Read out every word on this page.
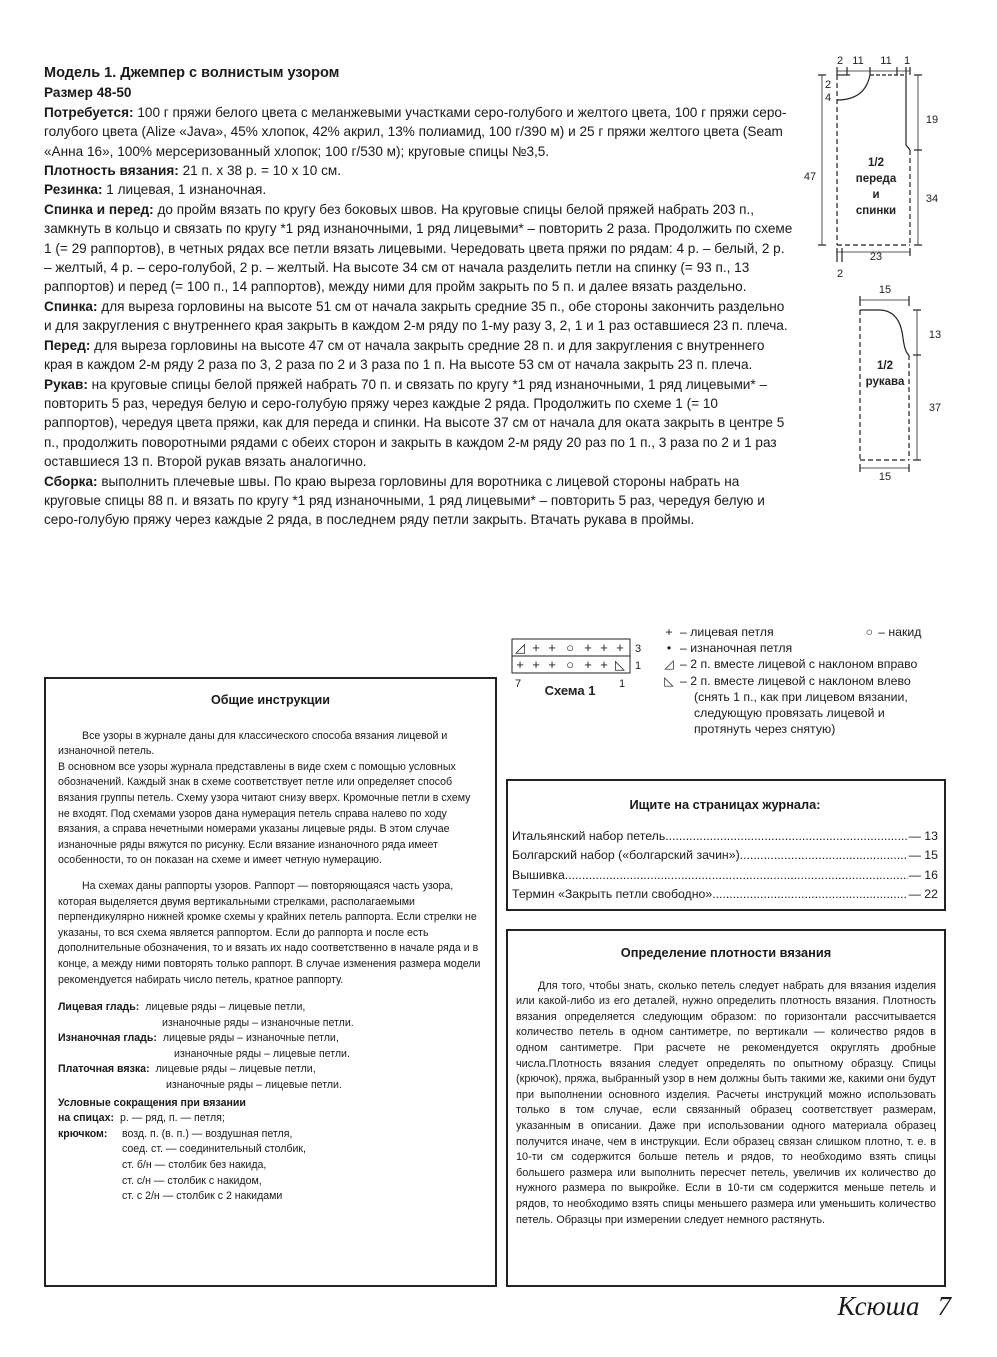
Модель 1. Джемпер с волнистым узором

Размер 48-50

Потребуется: 100 г пряжи белого цвета с меланжевыми участками серо-голубого и желтого цвета, 100 г пряжи серо-голубого цвета (Alize «Java», 45% хлопок, 42% акрил, 13% полиамид, 100 г/390 м) и 25 г пряжи желтого цвета (Seam «Анна 16», 100% мерсеризованный хлопок; 100 г/530 м); круговые спицы №3,5.

Плотность вязания: 21 п. x 38 р. = 10 x 10 см.

Резинка: 1 лицевая, 1 изнаночная.

Спинка и перед: до пройм вязать по кругу без боковых швов. На круговые спицы белой пряжей набрать 203 п., замкнуть в кольцо и связать по кругу *1 ряд изнаночными, 1 ряд лицевыми* – повторить 2 раза. Продолжить по схеме 1 (= 29 раппортов), в четных рядах все петли вязать лицевыми. Чередовать цвета пряжи по рядам: 4 р. – белый, 2 р. – желтый, 4 р. – серо-голубой, 2 р. – желтый. На высоте 34 см от начала разделить петли на спинку (= 93 п., 13 раппортов) и перед (= 100 п., 14 раппортов), между ними для пройм закрыть по 5 п. и далее вязать раздельно.

Спинка: для выреза горловины на высоте 51 см от начала закрыть средние 35 п., обе стороны закончить раздельно и для закругления с внутреннего края закрыть в каждом 2-м ряду по 1-му разу 3, 2, 1 и 1 раз оставшиеся 23 п. плеча.

Перед: для выреза горловины на высоте 47 см от начала закрыть средние 28 п. и для закругления с внутреннего края в каждом 2-м ряду 2 раза по 3, 2 раза по 2 и 3 раза по 1 п. На высоте 53 см от начала закрыть 23 п. плеча.

Рукав: на круговые спицы белой пряжей набрать 70 п. и связать по кругу *1 ряд изнаночными, 1 ряд лицевыми* – повторить 5 раз, чередуя белую и серо-голубую пряжу через каждые 2 ряда. Продолжить по схеме 1 (= 10 раппортов), чередуя цвета пряжи, как для переда и спинки. На высоте 37 см от начала для оката закрыть в центре 5 п., продолжить поворотными рядами с обеих сторон и закрыть в каждом 2-м ряду 20 раз по 1 п., 3 раза по 2 и 1 раз оставшиеся 13 п. Второй рукав вязать аналогично.

Сборка: выполнить плечевые швы. По краю выреза горловины для воротника с лицевой стороны набрать на круговые спицы 88 п. и вязать по кругу *1 ряд изнаночными, 1 ряд лицевыми* – повторить 5 раз, чередуя белую и серо-голубую пряжу через каждые 2 ряда, в последнем ряду петли закрыть. Втачать рукава в проймы.

2 11 11 1
2
4
19
34
47
23
2
1/2
переда
и
спинки
15
13
37
15
1/2
рукава
◿ + + ○ + + +
+ + + ○ + + ◺
3
1
7	1
Схема 1
+ – лицевая петля	○ – накид
• – изнаночная петля
◿ – 2 п. вместе лицевой с наклоном вправо
◺ – 2 п. вместе лицевой с наклоном влево
(снять 1 п., как при лицевом вязании,
следующую провязать лицевой и
протянуть через снятую)
Общие инструкции

Все узоры в журнале даны для классического способа вязания лицевой и изнаночной петель.

В основном все узоры журнала представлены в виде схем с помощью условных обозначений. Каждый знак в схеме соответствует петле или определяет способ вязания группы петель. Схему узора читают снизу вверх. Кромочные петли в схему не входят. Под схемами узоров дана нумерация петель справа налево по ходу вязания, а справа нечетными номерами указаны лицевые ряды. В этом случае изнаночные ряды вяжутся по рисунку. Если вязание изнаночного ряда имеет особенности, то он показан на схеме и имеет четную нумерацию.

На схемах даны раппорты узоров. Раппорт — повторяющаяся часть узора, которая выделяется двумя вертикальными стрелками, располагаемыми перпендикулярно нижней кромке схемы у крайних петель раппорта. Если стрелки не указаны, то вся схема является раппортом. Если до раппорта и после есть дополнительные обозначения, то и вязать их надо соответственно в начале ряда и в конце, а между ними повторять только раппорт. В случае изменения размера модели рекомендуется набирать число петель, кратное раппорту.

Лицевая гладь: лицевые ряды – лицевые петли,
изнаночные ряды – изнаночные петли.
Изнаночная гладь: лицевые ряды – изнаночные петли,
изнаночные ряды – лицевые петли.
Платочная вязка: лицевые ряды – лицевые петли,
изнаночные ряды – лицевые петли.
Условные сокращения при вязании
на спицах: р. — ряд, п. — петля;
крючком:	возд. п. (в. п.) — воздушная петля,
соед. ст. — соединительный столбик,
ст. б/н — столбик без накида,
ст. с/н — столбик с накидом,
ст. с 2/н — столбик с 2 накидами
Ищите на страницах журнала:
Итальянский набор петель .....	— 13
Болгарский набор («болгарский зачин») .....	— 15
Вышивка .....	— 16
Термин «Закрыть петли свободно» .....	— 22
Определение плотности вязания

Для того, чтобы знать, сколько петель следует набрать для вязания изделия или какой-либо из его деталей, нужно определить плотность вязания. Плотность вязания определяется следующим образом: по горизонтали рассчитывается количество петель в одном сантиметре, по вертикали — количество рядов в одном сантиметре. При расчете не рекомендуется округлять дробные числа.Плотность вязания следует определять по опытному образцу. Спицы (крючок), пряжа, выбранный узор в нем должны быть такими же, какими они будут при выполнении основного изделия. Расчеты инструкций можно использовать только в том случае, если связанный образец соответствует размерам, указанным в описании. Даже при использовании одного материала образец получится иначе, чем в инструкции. Если образец связан слишком плотно, т. е. в 10-ти см содержится больше петель и рядов, то необходимо взять спицы большего размера или выполнить пересчет петель, увеличив их количество до нужного размера по выкройке. Если в 10-ти см содержится меньше петель и рядов, то необходимо взять спицы меньшего размера или уменьшить количество петель. Образцы при измерении следует немного растянуть.

Ксюша 7
